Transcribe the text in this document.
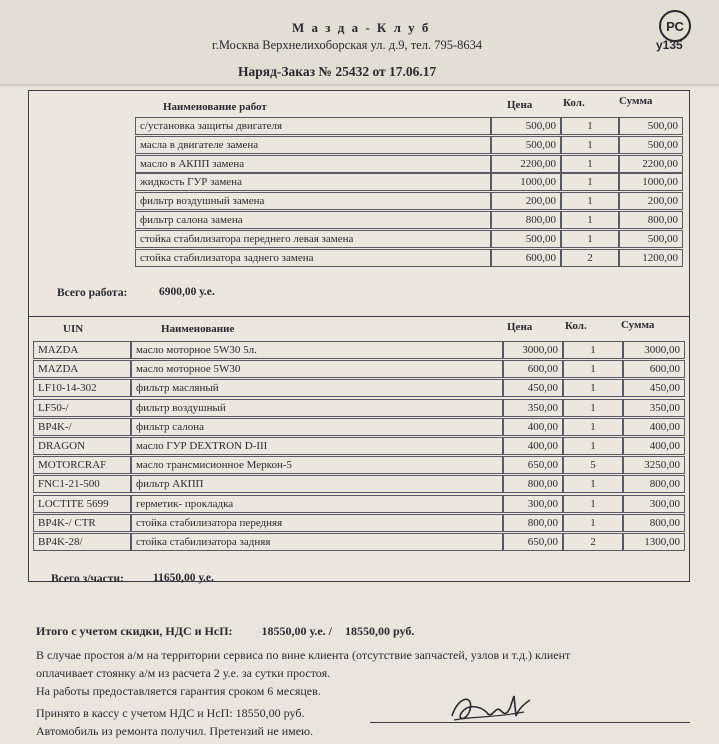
М а з д а - К л у б
г.Москва Верхнелихоборская ул. д.9, тел. 795-8634
Наряд-Заказ № 25432 от 17.06.17
РС
у135
Наименование работ	Цена	Кол.	Сумма
с/установка защиты двигателя	500,00	1	500,00
масла в двигателе замена	500,00	1	500,00
масло в АКПП замена	2200,00	1	2200,00
жидкость ГУР замена	1000,00	1	1000,00
фильтр воздушный замена	200,00	1	200,00
фильтр салона замена	800,00	1	800,00
стойка стабилизатора переднего левая замена	500,00	1	500,00
стойка стабилизатора заднего замена	600,00	2	1200,00
Всего работа:	6900,00 у.е.
UIN	Наименование	Цена	Кол.	Сумма
MAZDA	масло моторное 5W30 5л.	3000,00	1	3000,00
MAZDA	масло моторное 5W30	600,00	1	600,00
LF10-14-302	фильтр масляный	450,00	1	450,00
LF50-/	фильтр воздушный	350,00	1	350,00
BP4K-/	фильтр салона	400,00	1	400,00
DRAGON	масло ГУР DEXTRON D-III	400,00	1	400,00
MOTORCRAF	масло трансмисионное Меркон-5	650,00	5	3250,00
FNC1-21-500	фильтр АКПП	800,00	1	800,00
LOCTITE 5699	герметик- прокладка	300,00	1	300,00
BP4K-/ CTR	стойка стабилизатора передняя	800,00	1	800,00
BP4K-28/	стойка стабилизатора задняя	650,00	2	1300,00
Всего з/части:	11650,00 у.е.
Итого с учетом скидки, НДС и НсП: 18550,00 у.е. / 18550,00 руб.
В случае простоя а/м на территории сервиса по вине клиента (отсутствие запчастей, узлов и т.д.) клиент
оплачивает стоянку а/м из расчета 2 у.е. за сутки простоя.
На работы предоставляется гарантия сроком 6 месяцев.
Принято в кассу с учетом НДС и НсП: 18550,00 руб.
Автомобиль из ремонта получил. Претензий не имею.
